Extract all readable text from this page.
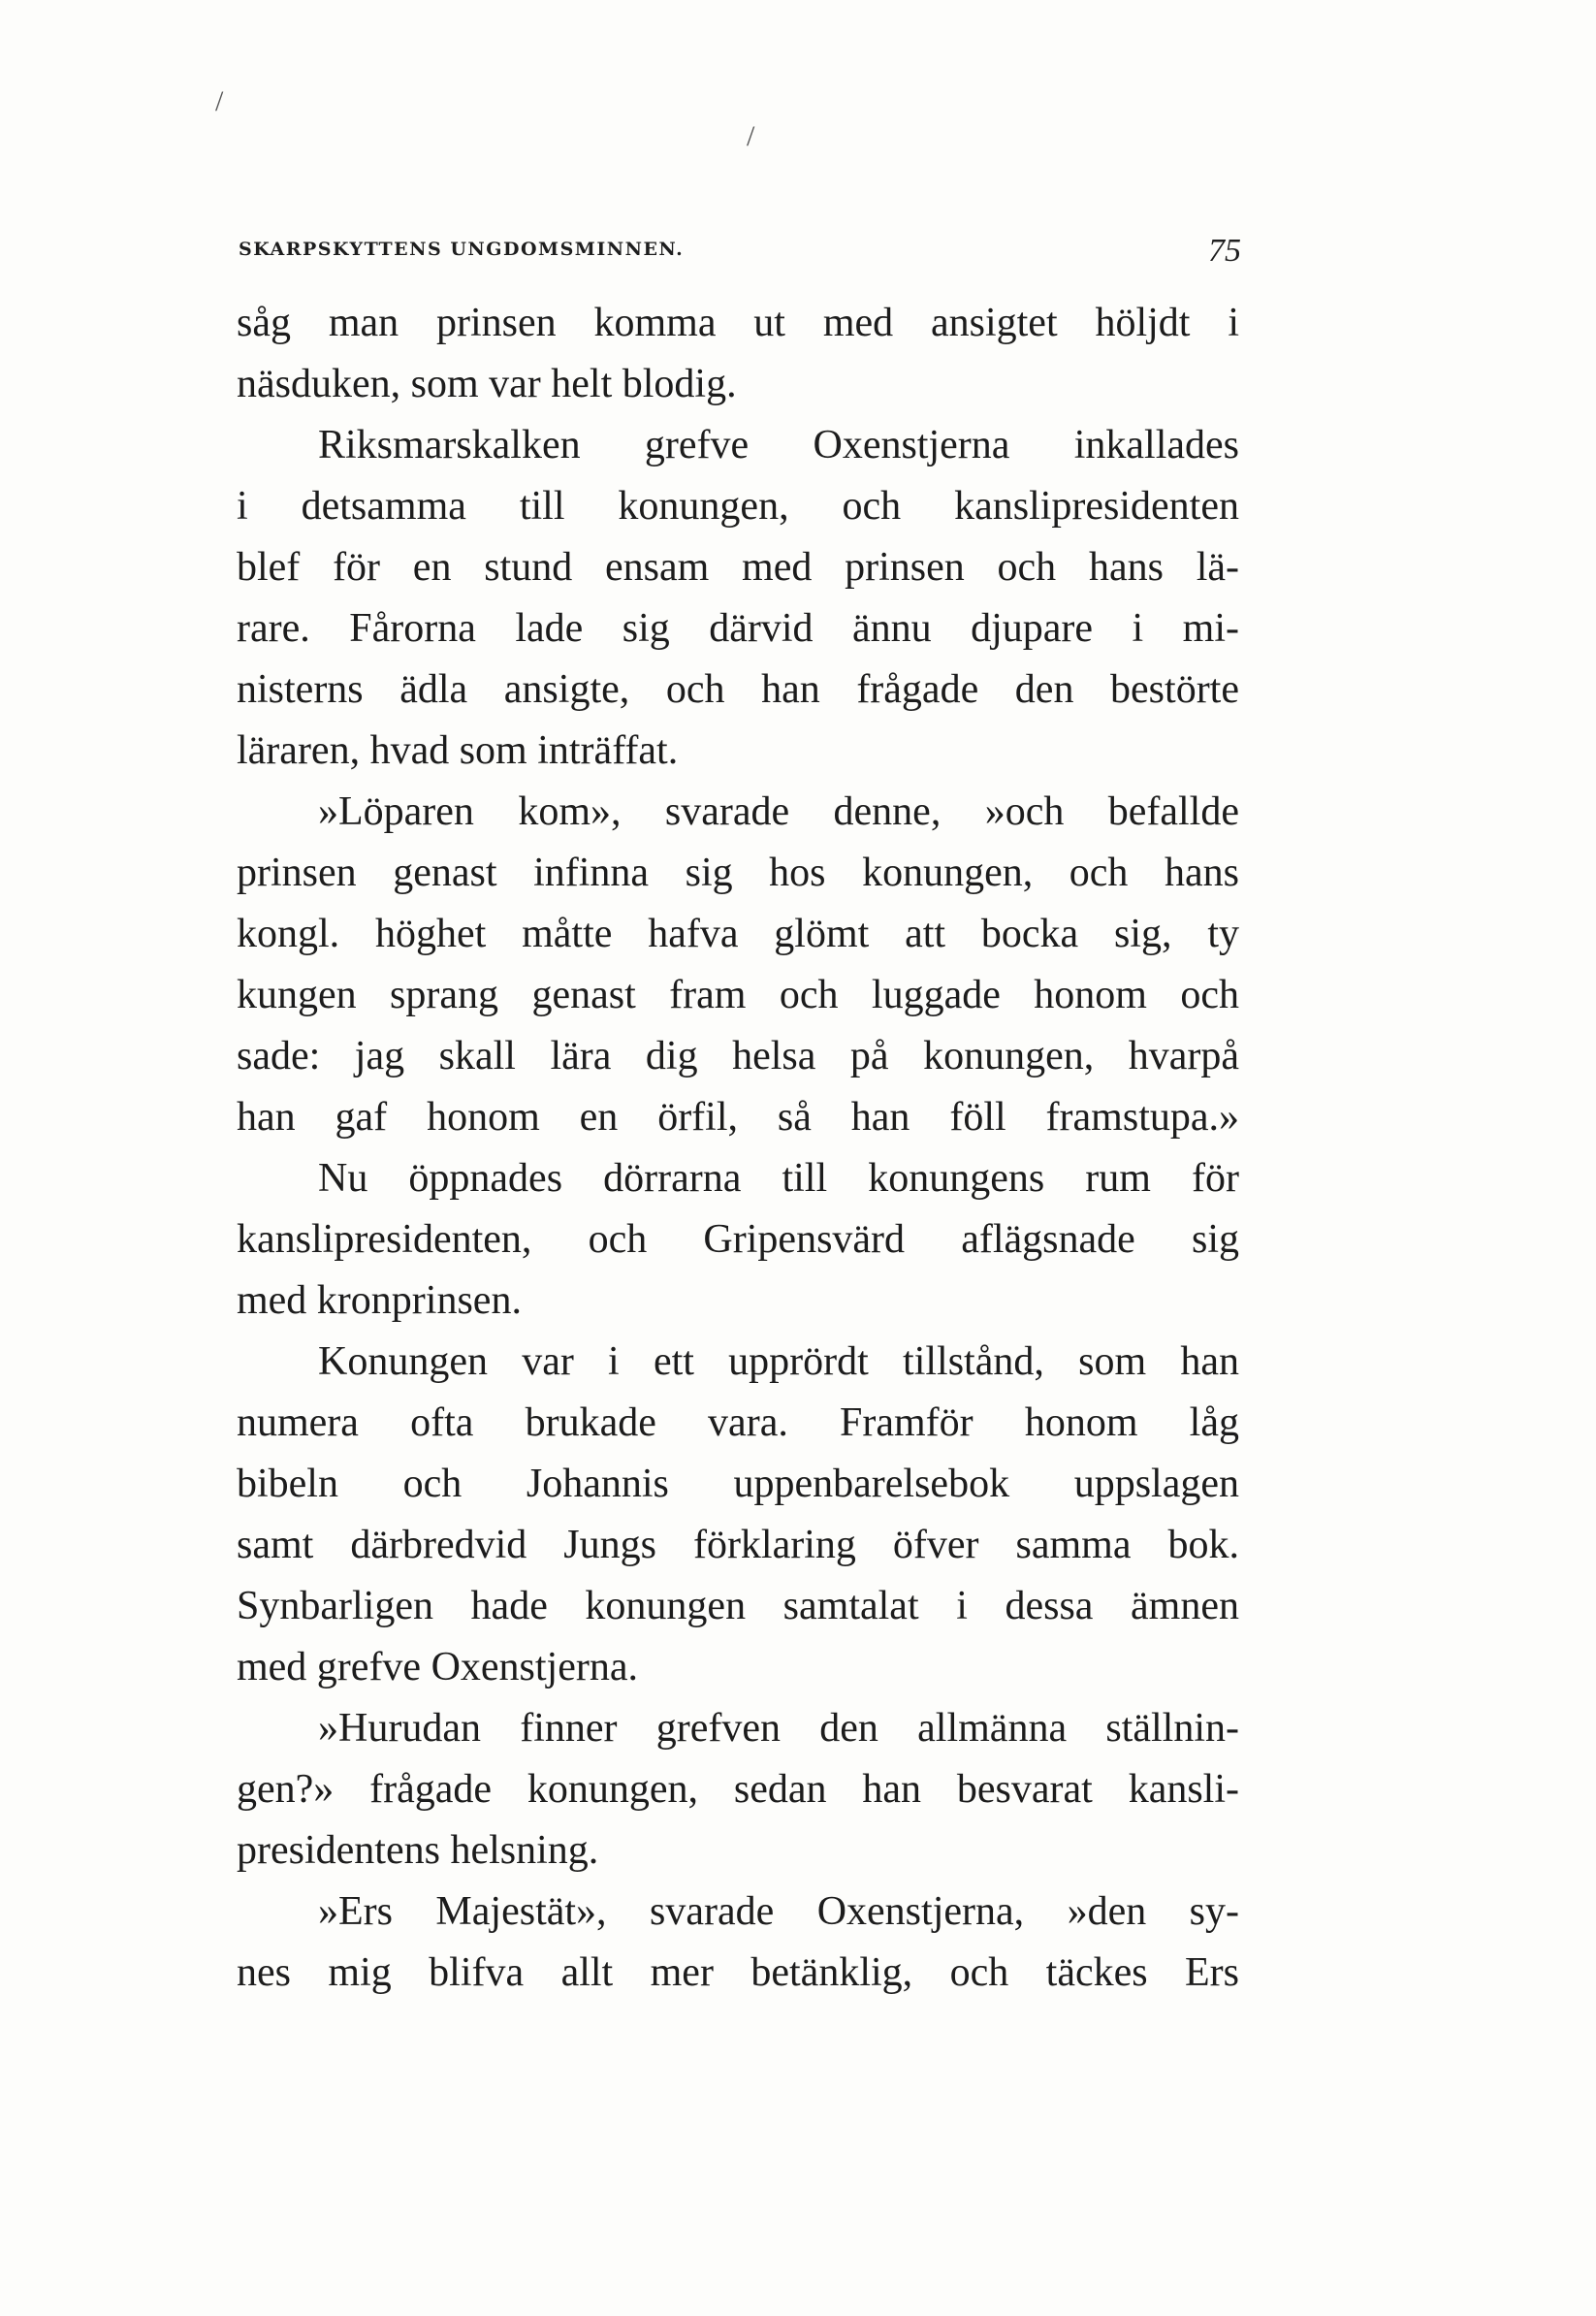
/
/
SKARPSKYTTENS UNGDOMSMINNEN.	75
såg man prinsen komma ut med ansigtet höljdt i
näsduken, som var helt blodig.
Riksmarskalken grefve Oxenstjerna inkallades
i detsamma till konungen, och kanslipresidenten
blef för en stund ensam med prinsen och hans lä-
rare. Fårorna lade sig därvid ännu djupare i mi-
nisterns ädla ansigte, och han frågade den bestörte
läraren, hvad som inträffat.
»Löparen kom», svarade denne, »och befallde
prinsen genast infinna sig hos konungen, och hans
kongl. höghet måtte hafva glömt att bocka sig, ty
kungen sprang genast fram och luggade honom och
sade: jag skall lära dig helsa på konungen, hvarpå
han gaf honom en örfil, så han föll framstupa.»
Nu öppnades dörrarna till konungens rum för
kanslipresidenten, och Gripensvärd aflägsnade sig
med kronprinsen.
Konungen var i ett upprördt tillstånd, som han
numera ofta brukade vara. Framför honom låg
bibeln och Johannis uppenbarelsebok uppslagen
samt därbredvid Jungs förklaring öfver samma bok.
Synbarligen hade konungen samtalat i dessa ämnen
med grefve Oxenstjerna.
»Hurudan finner grefven den allmänna ställnin-
gen?» frågade konungen, sedan han besvarat kansli-
presidentens helsning.
»Ers Majestät», svarade Oxenstjerna, »den sy-
nes mig blifva allt mer betänklig, och täckes Ers
